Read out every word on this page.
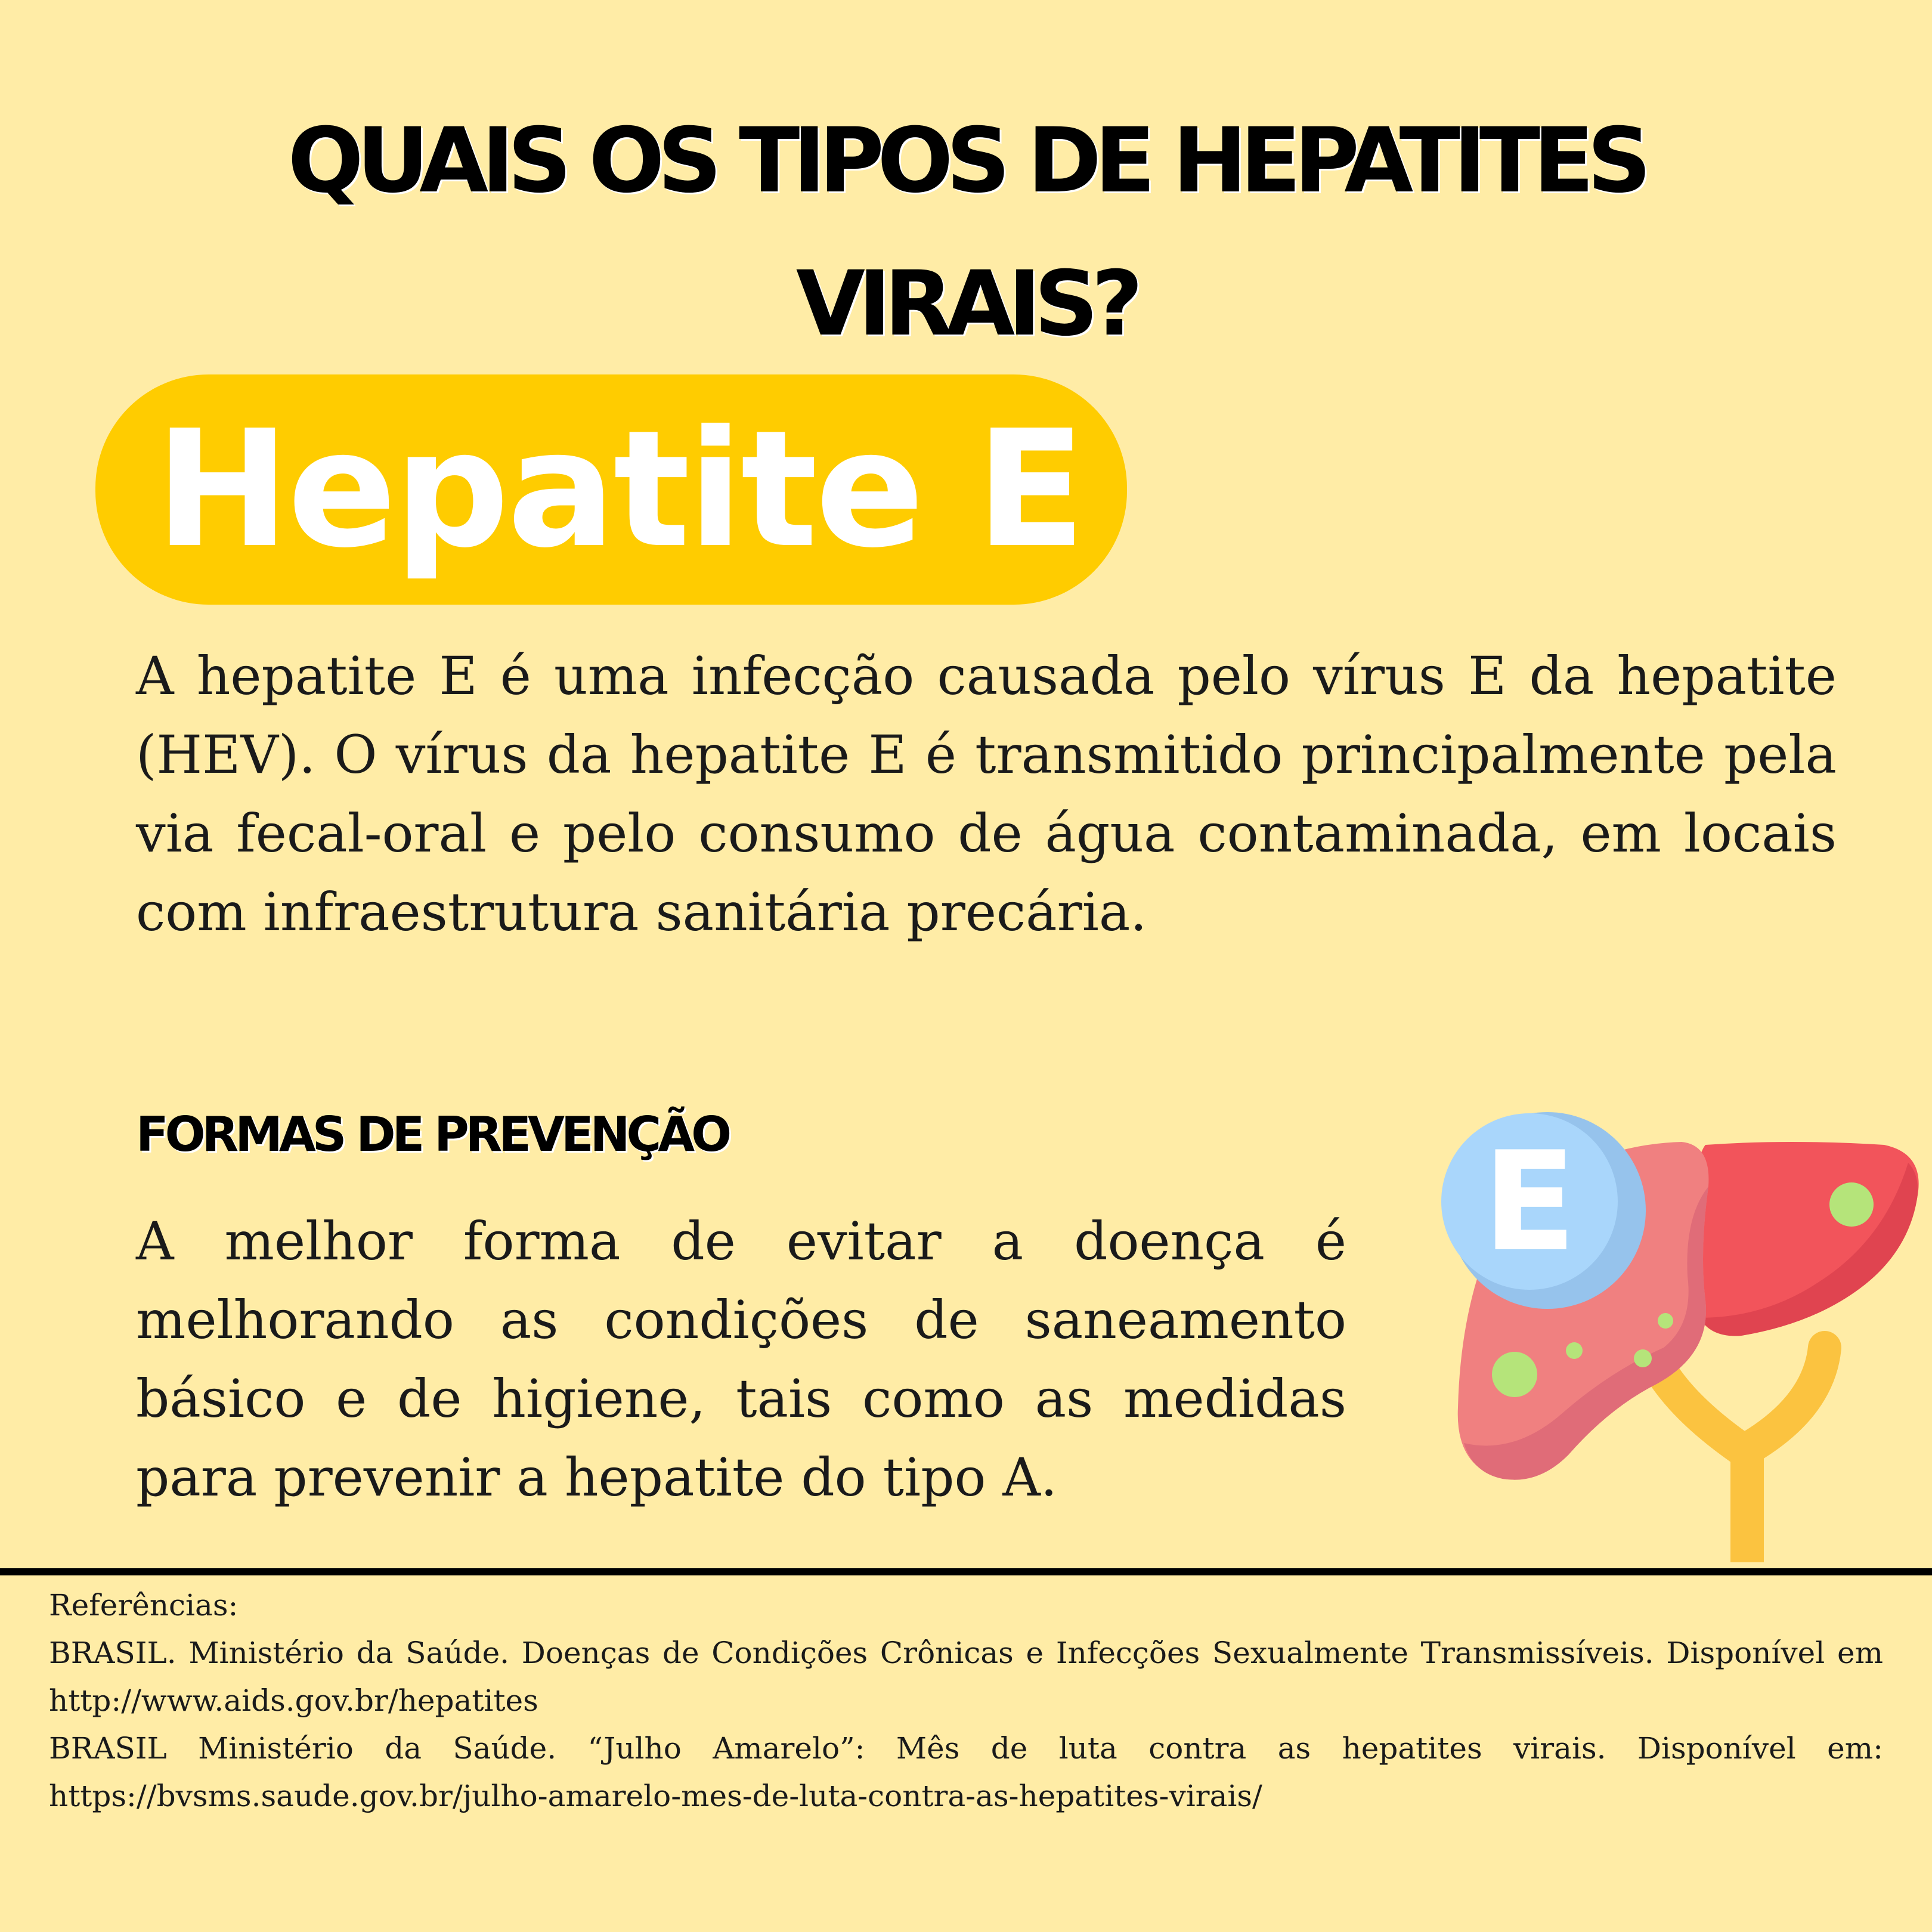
QUAIS OS TIPOS DE HEPATITES
VIRAIS?
Hepatite E

A hepatite E é uma infecção causada pelo vírus E da hepatite (HEV). O vírus da hepatite E é transmitido principalmente pela via fecal-oral e pelo consumo de água contaminada, em locais com infraestrutura sanitária precária.

FORMAS DE PREVENÇÃO

A melhor forma de evitar a doença é melhorando as condições de saneamento básico e de higiene, tais como as medidas para prevenir a hepatite do tipo A.

E

Referências:

BRASIL. Ministério da Saúde. Doenças de Condições Crônicas e Infecções Sexualmente Transmissíveis. Disponível em http://www.aids.gov.br/hepatites

BRASIL Ministério da Saúde. “Julho Amarelo”: Mês de luta contra as hepatites virais. Disponível em: https://bvsms.saude.gov.br/julho-amarelo-mes-de-luta-contra-as-hepatites-virais/
